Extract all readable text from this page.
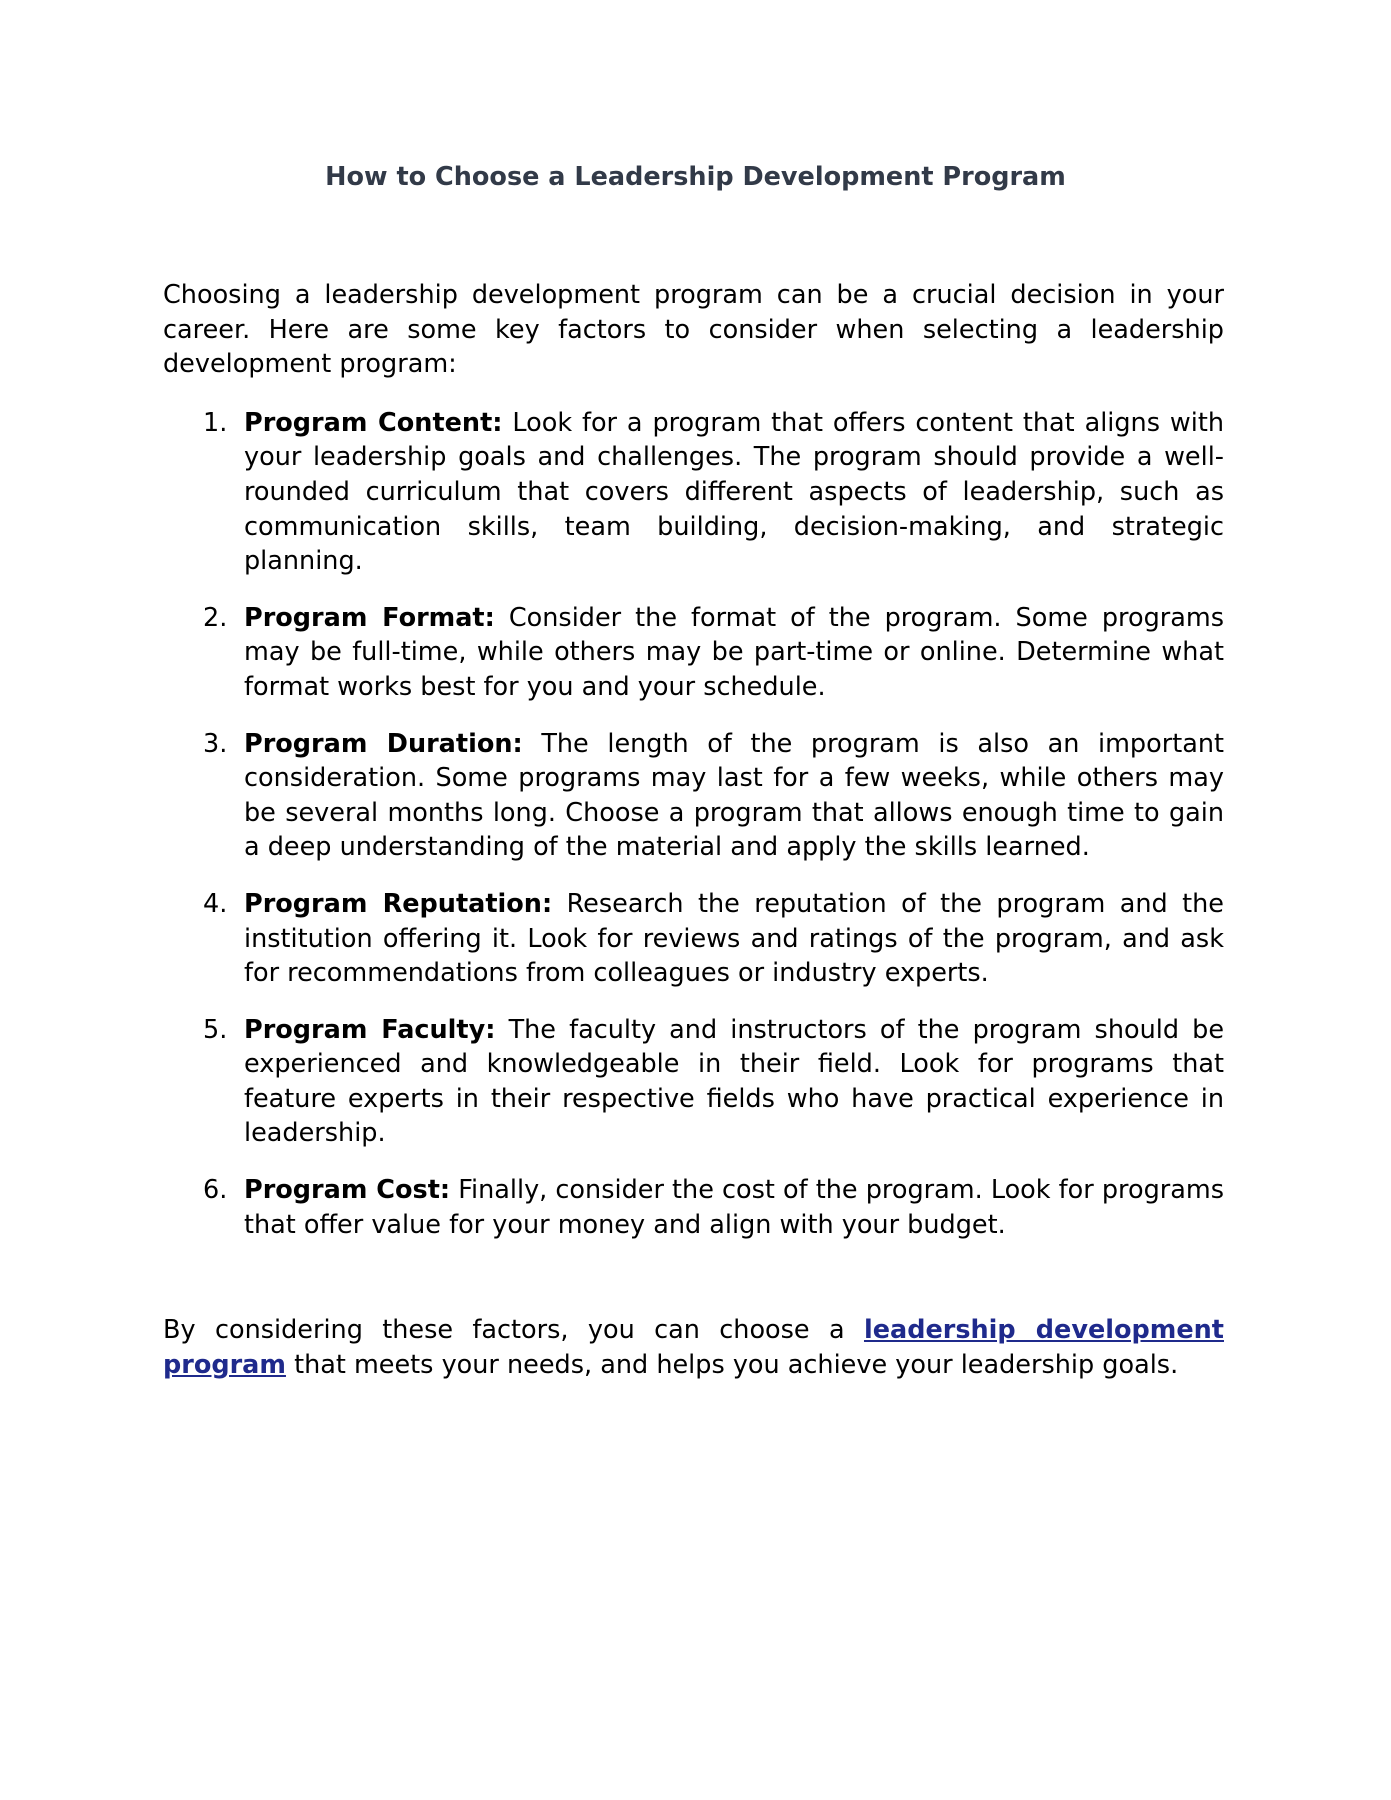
How to Choose a Leadership Development Program

Choosing a leadership development program can be a crucial decision in your career. Here are some key factors to consider when selecting a leadership development program:

1. Program Content: Look for a program that offers content that aligns with your leadership goals and challenges. The program should provide a well-rounded curriculum that covers different aspects of leadership, such as communication skills, team building, decision-making, and strategic planning.
2. Program Format: Consider the format of the program. Some programs may be full-time, while others may be part-time or online. Determine what format works best for you and your schedule.
3. Program Duration: The length of the program is also an important consideration. Some programs may last for a few weeks, while others may be several months long. Choose a program that allows enough time to gain a deep understanding of the material and apply the skills learned.
4. Program Reputation: Research the reputation of the program and the institution offering it. Look for reviews and ratings of the program, and ask for recommendations from colleagues or industry experts.
5. Program Faculty: The faculty and instructors of the program should be experienced and knowledgeable in their field. Look for programs that feature experts in their respective fields who have practical experience in leadership.
6. Program Cost: Finally, consider the cost of the program. Look for programs that offer value for your money and align with your budget.

By considering these factors, you can choose a leadership development program that meets your needs, and helps you achieve your leadership goals.
